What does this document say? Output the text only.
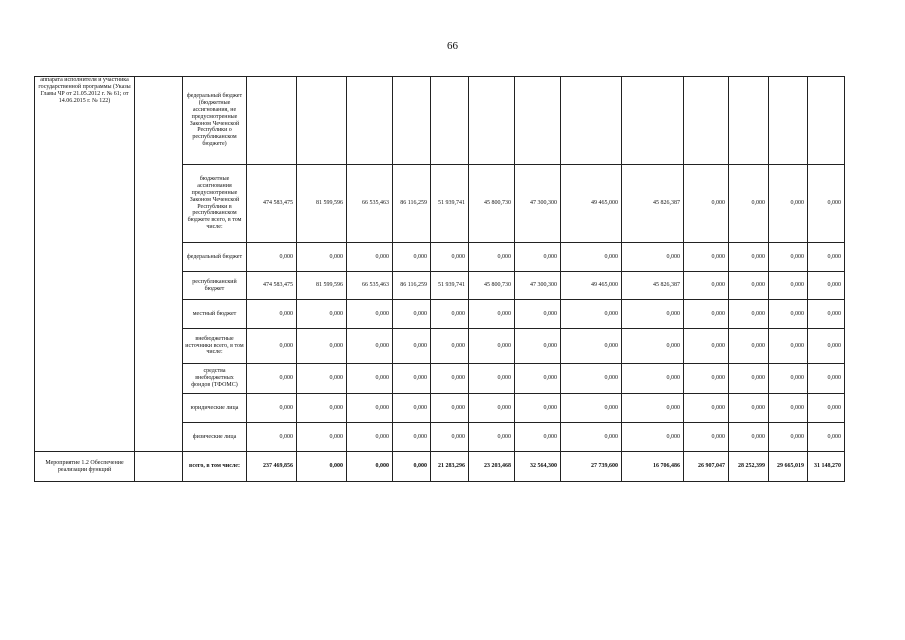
66
аппарата исполнителя и участника государственной программы (Указы Главы ЧР от 21.05.2012 г. № 61; от 14.06.2015 г. № 122)		федеральный бюджет (бюджетные ассигнования, не предусмотренные Законом Чеченской Республики о республиканском бюджете)													
		бюджетные ассигнования предусмотренные Законом Чеченской Республики в республиканском бюджете всего, в том числе:	474 583,475	81 599,596	66 535,463	86 116,259	51 939,741	45 800,730	47 300,300	49 465,000	45 826,387	0,000	0,000	0,000	0,000
		федеральный бюджет	0,000	0,000	0,000	0,000	0,000	0,000	0,000	0,000	0,000	0,000	0,000	0,000	0,000
		республиканский бюджет	474 583,475	81 599,596	66 535,463	86 116,259	51 939,741	45 800,730	47 300,300	49 465,000	45 826,387	0,000	0,000	0,000	0,000
		местный бюджет	0,000	0,000	0,000	0,000	0,000	0,000	0,000	0,000	0,000	0,000	0,000	0,000	0,000
		внебюджетные источники всего, в том числе:	0,000	0,000	0,000	0,000	0,000	0,000	0,000	0,000	0,000	0,000	0,000	0,000	0,000
		средства внебюджетных фондов (ТФОМС)	0,000	0,000	0,000	0,000	0,000	0,000	0,000	0,000	0,000	0,000	0,000	0,000	0,000
		юридические лица	0,000	0,000	0,000	0,000	0,000	0,000	0,000	0,000	0,000	0,000	0,000	0,000	0,000
		физические лица	0,000	0,000	0,000	0,000	0,000	0,000	0,000	0,000	0,000	0,000	0,000	0,000	0,000
Мероприятие 1.2 Обеспечение реализации функций		всего, в том числе:	237 469,856	0,000	0,000	0,000	21 283,296	23 203,468	32 564,300	27 739,600	16 706,486	26 907,047	28 252,399	29 665,019	31 148,270
